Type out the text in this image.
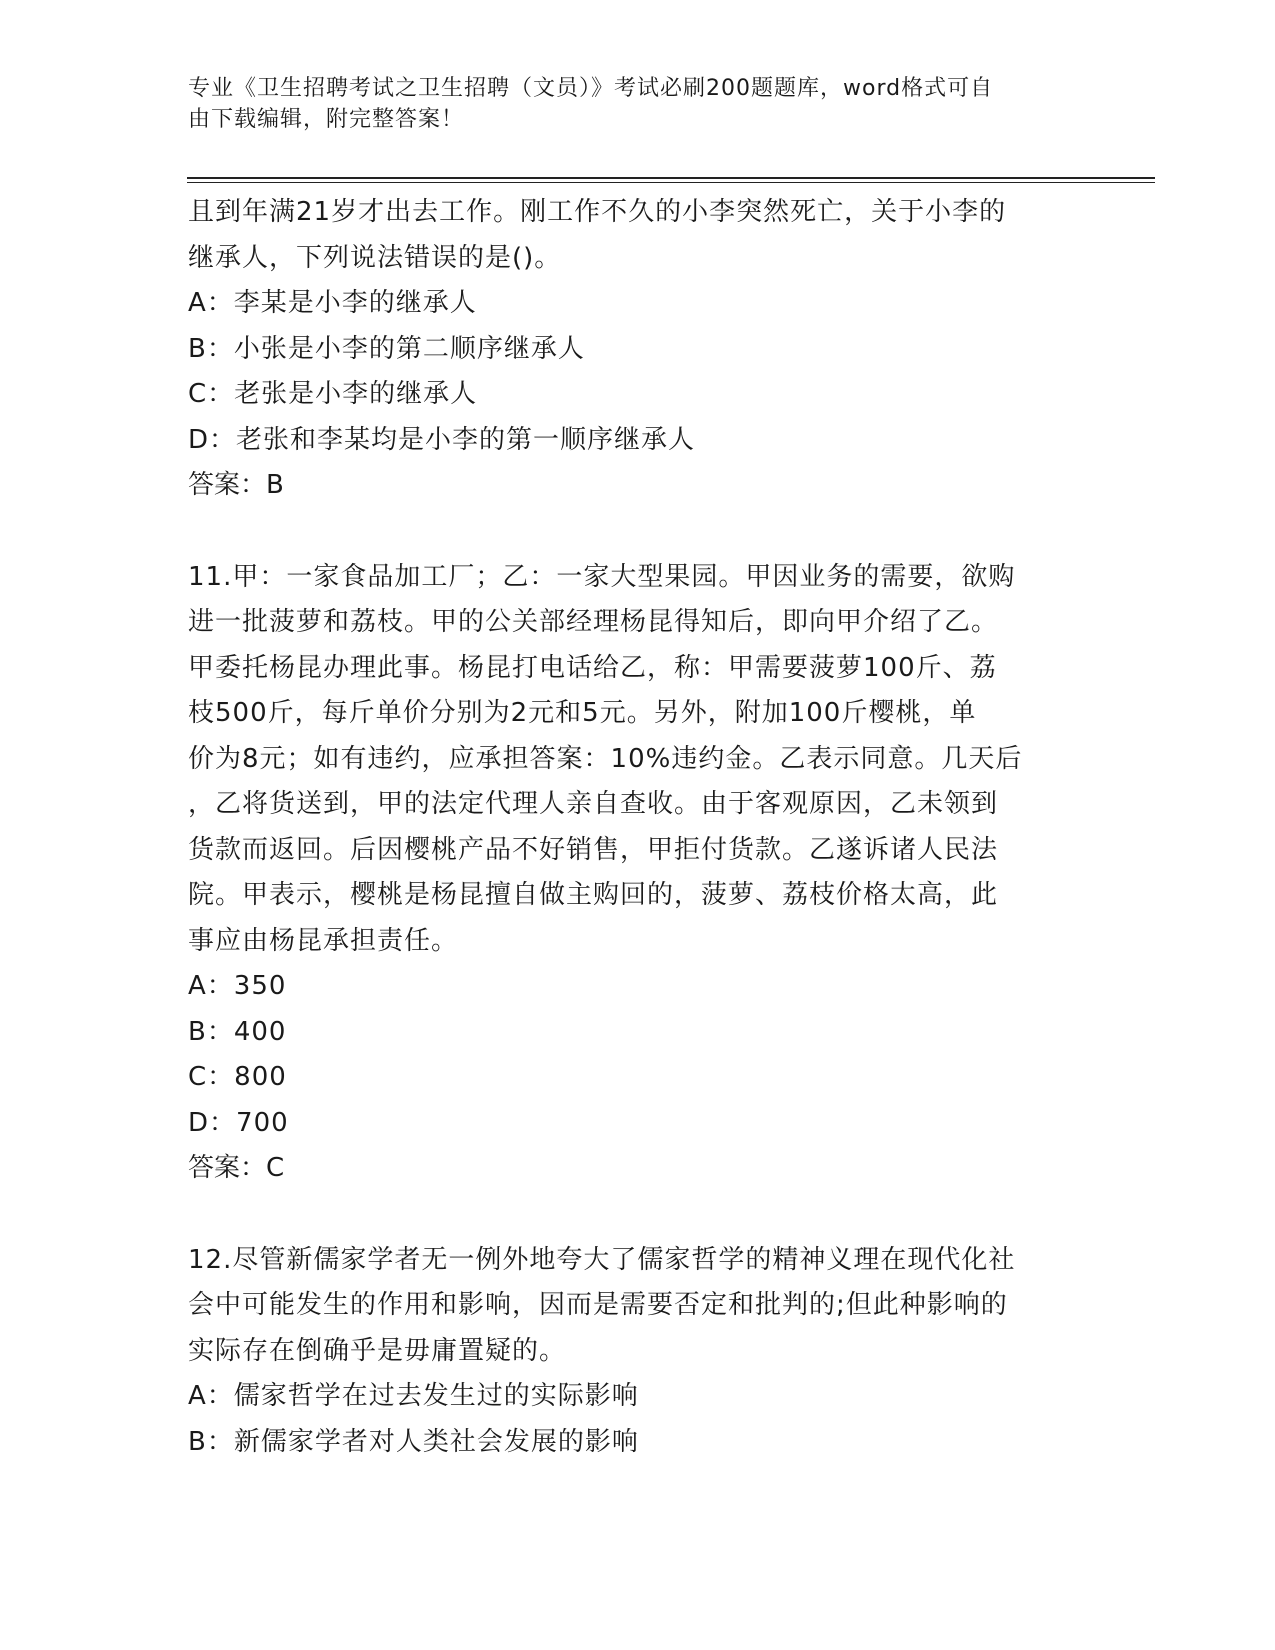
专业《卫生招聘考试之卫生招聘（文员）》考试必刷200题题库，word格式可自
由下载编辑，附完整答案！

且到年满21岁才出去工作。刚工作不久的小李突然死亡，关于小李的

继承人，下列说法错误的是()。

A：李某是小李的继承人

B：小张是小李的第二顺序继承人

C：老张是小李的继承人

D：老张和李某均是小李的第一顺序继承人

答案：B

11.甲：一家食品加工厂；乙：一家大型果园。甲因业务的需要，欲购

进一批菠萝和荔枝。甲的公关部经理杨昆得知后，即向甲介绍了乙。

甲委托杨昆办理此事。杨昆打电话给乙，称：甲需要菠萝100斤、荔

枝500斤，每斤单价分别为2元和5元。另外，附加100斤樱桃，单

价为8元；如有违约，应承担答案：10%违约金。乙表示同意。几天后

，乙将货送到，甲的法定代理人亲自查收。由于客观原因，乙未领到

货款而返回。后因樱桃产品不好销售，甲拒付货款。乙遂诉诸人民法

院。甲表示，樱桃是杨昆擅自做主购回的，菠萝、荔枝价格太高，此

事应由杨昆承担责任。

A：350

B：400

C：800

D：700

答案：C

12.尽管新儒家学者无一例外地夸大了儒家哲学的精神义理在现代化社

会中可能发生的作用和影响，因而是需要否定和批判的;但此种影响的

实际存在倒确乎是毋庸置疑的。

A：儒家哲学在过去发生过的实际影响

B：新儒家学者对人类社会发展的影响
